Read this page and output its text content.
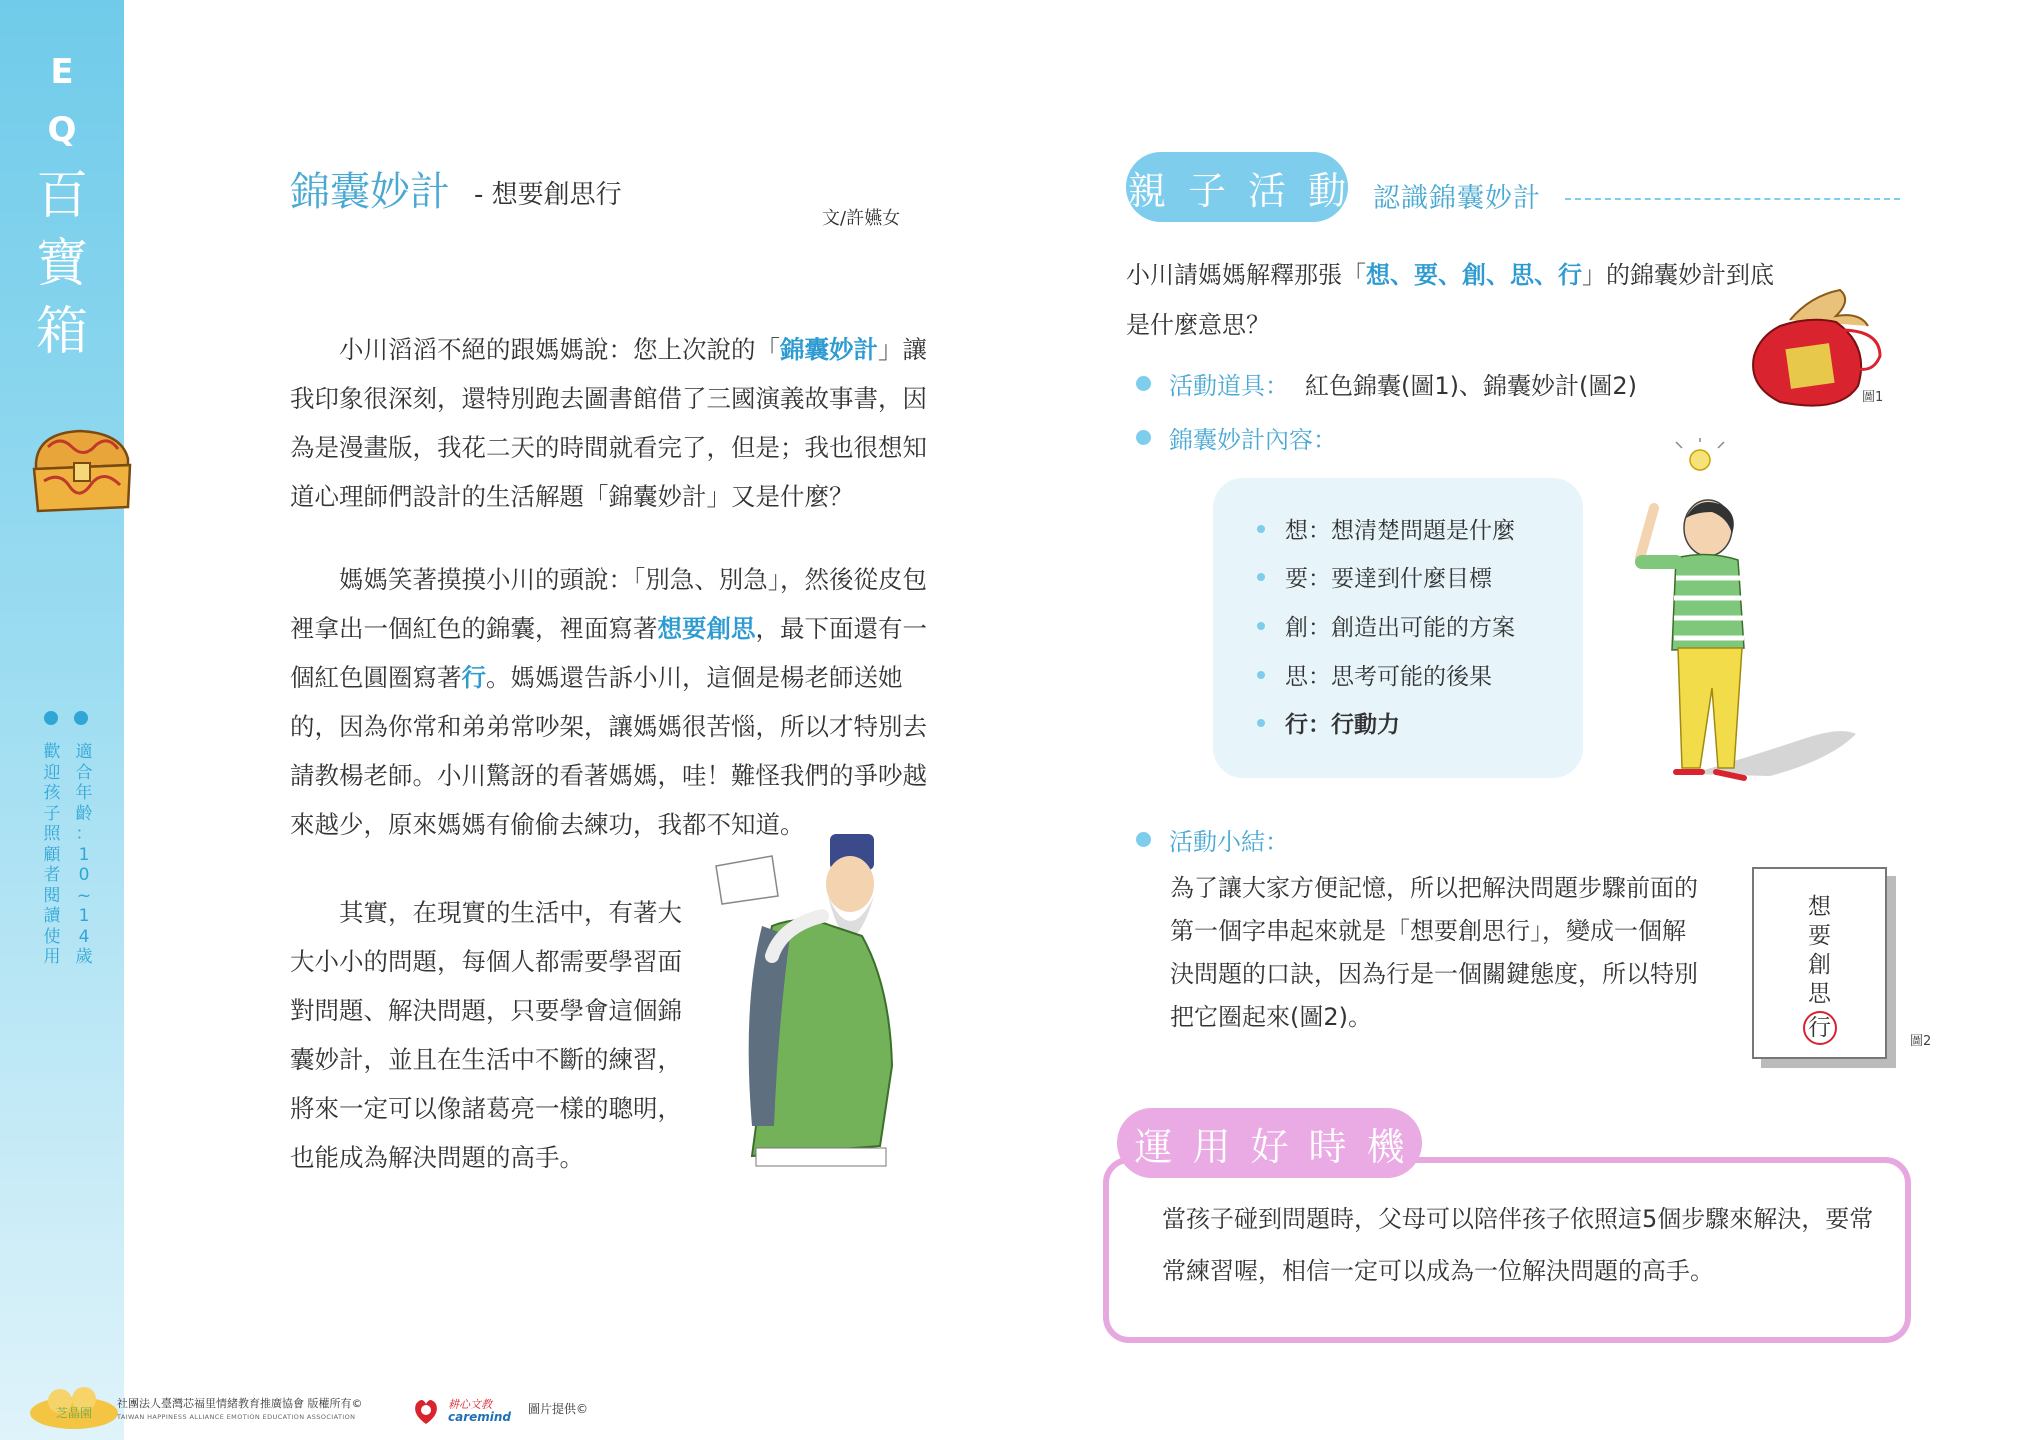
E
Q
百
寶
箱
適
合
年
齡
：
1
0
~
1
4
歲
歡
迎
孩
子
照
顧
者
閱
讀
使
用
錦囊妙計 - 想要創思行
文/許嬿女
小川滔滔不絕的跟媽媽說：您上次說的「錦囊妙計」讓我印象很深刻，還特別跑去圖書館借了三國演義故事書，因為是漫畫版，我花二天的時間就看完了，但是；我也很想知道心理師們設計的生活解題「錦囊妙計」又是什麼？
媽媽笑著摸摸小川的頭說：「別急、別急」，然後從皮包裡拿出一個紅色的錦囊，裡面寫著想要創思，最下面還有一個紅色圓圈寫著行。媽媽還告訴小川，這個是楊老師送她的，因為你常和弟弟常吵架，讓媽媽很苦惱，所以才特別去請教楊老師。小川驚訝的看著媽媽，哇！難怪我們的爭吵越來越少，原來媽媽有偷偷去練功，我都不知道。
其實，在現實的生活中，有著大大小小的問題，每個人都需要學習面對問題、解決問題，只要學會這個錦囊妙計，並且在生活中不斷的練習，將來一定可以像諸葛亮一樣的聰明，也能成為解決問題的高手。
親 子 活 動 認識錦囊妙計
小川請媽媽解釋那張「想、要、創、思、行」的錦囊妙計到底是什麼意思？
活動道具： 紅色錦囊(圖1)、錦囊妙計(圖2)
錦囊妙計內容：
圖1
想：想清楚問題是什麼
要：要達到什麼目標
創：創造出可能的方案
思：思考可能的後果
行：行動力
活動小結：
為了讓大家方便記憶，所以把解決問題步驟前面的第一個字串起來就是「想要創思行」，變成一個解決問題的口訣，因為行是一個關鍵態度，所以特別把它圈起來(圖2)。
想
要
創
思
行
圖2
運 用 好 時 機
當孩子碰到問題時，父母可以陪伴孩子依照這5個步驟來解決，要常常練習喔，相信一定可以成為一位解決問題的高手。
芝晶園
社團法人臺灣芯福里情緒教育推廣協會 版權所有©
TAIWAN HAPPINESS ALLIANCE EMOTION EDUCATION ASSOCIATION
耕心文教
caremind
圖片提供©
